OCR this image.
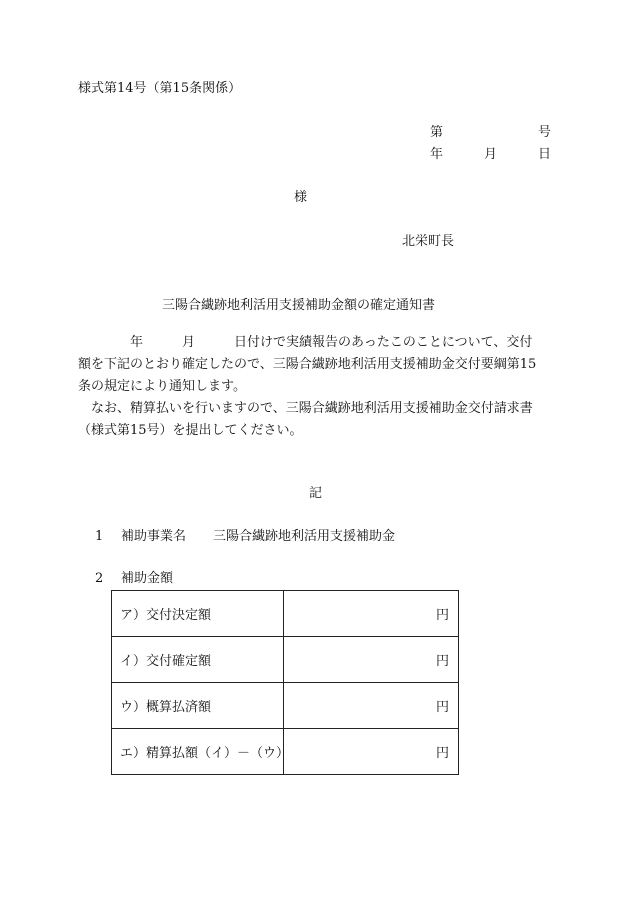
様式第14号（第15条関係）
第	号
年	月	日
様
北栄町長
三陽合繊跡地利活用支援補助金額の確定通知書

　　　　年　　　月　　　日付けで実績報告のあったこのことについて、交付

額を下記のとおり確定したので、三陽合繊跡地利活用支援補助金交付要綱第15

条の規定により通知します。

　なお、精算払いを行いますので、三陽合繊跡地利活用支援補助金交付請求書

（様式第15号）を提出してください。

記
1 補助事業名 三陽合繊跡地利活用支援補助金
2 補助金額
ア）交付決定額	円
イ）交付確定額	円
ウ）概算払済額	円
エ）精算払額（イ）－（ウ）	円
